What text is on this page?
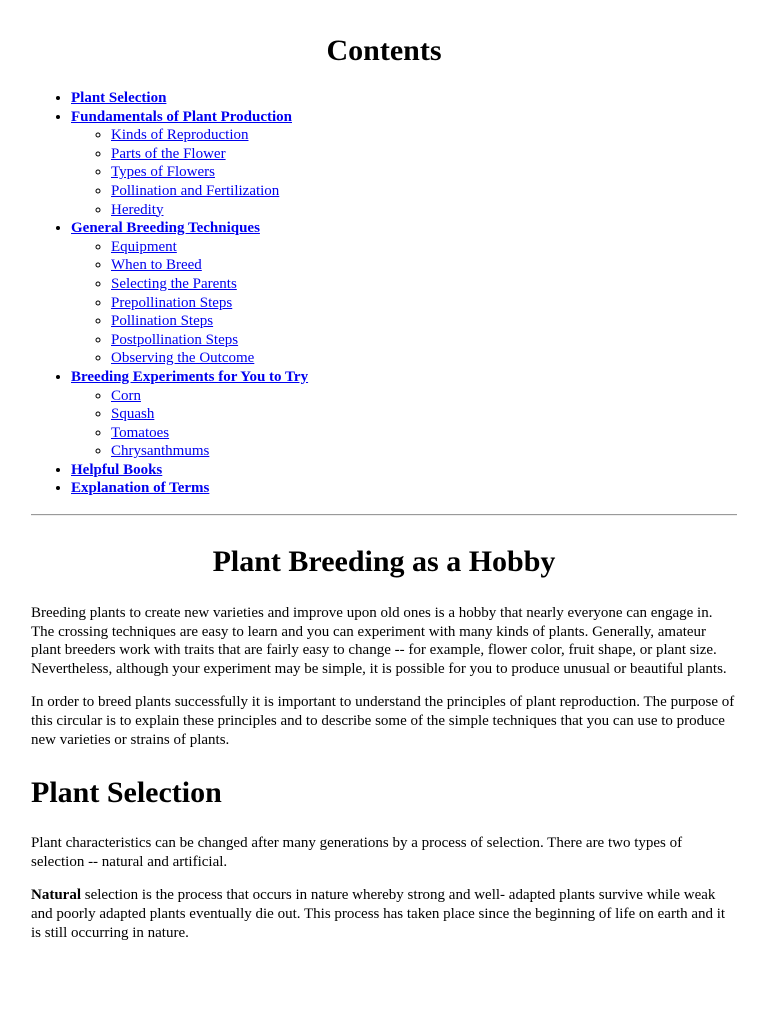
Contents
• Plant Selection
• Fundamentals of Plant Production
◦ Kinds of Reproduction
◦ Parts of the Flower
◦ Types of Flowers
◦ Pollination and Fertilization
◦ Heredity
• General Breeding Techniques
◦ Equipment
◦ When to Breed
◦ Selecting the Parents
◦ Prepollination Steps
◦ Pollination Steps
◦ Postpollination Steps
◦ Observing the Outcome
• Breeding Experiments for You to Try
◦ Corn
◦ Squash
◦ Tomatoes
◦ Chrysanthmums
• Helpful Books
• Explanation of Terms
Plant Breeding as a Hobby

Breeding plants to create new varieties and improve upon old ones is a hobby that nearly everyone can engage in. The crossing techniques are easy to learn and you can experiment with many kinds of plants. Generally, amateur plant breeders work with traits that are fairly easy to change -- for example, flower color, fruit shape, or plant size. Nevertheless, although your experiment may be simple, it is possible for you to produce unusual or beautiful plants.

In order to breed plants successfully it is important to understand the principles of plant reproduction. The purpose of this circular is to explain these principles and to describe some of the simple techniques that you can use to produce new varieties or strains of plants.

Plant Selection

Plant characteristics can be changed after many generations by a process of selection. There are two types of selection -- natural and artificial.

Natural selection is the process that occurs in nature whereby strong and well- adapted plants survive while weak and poorly adapted plants eventually die out. This process has taken place since the beginning of life on earth and it is still occurring in nature.
